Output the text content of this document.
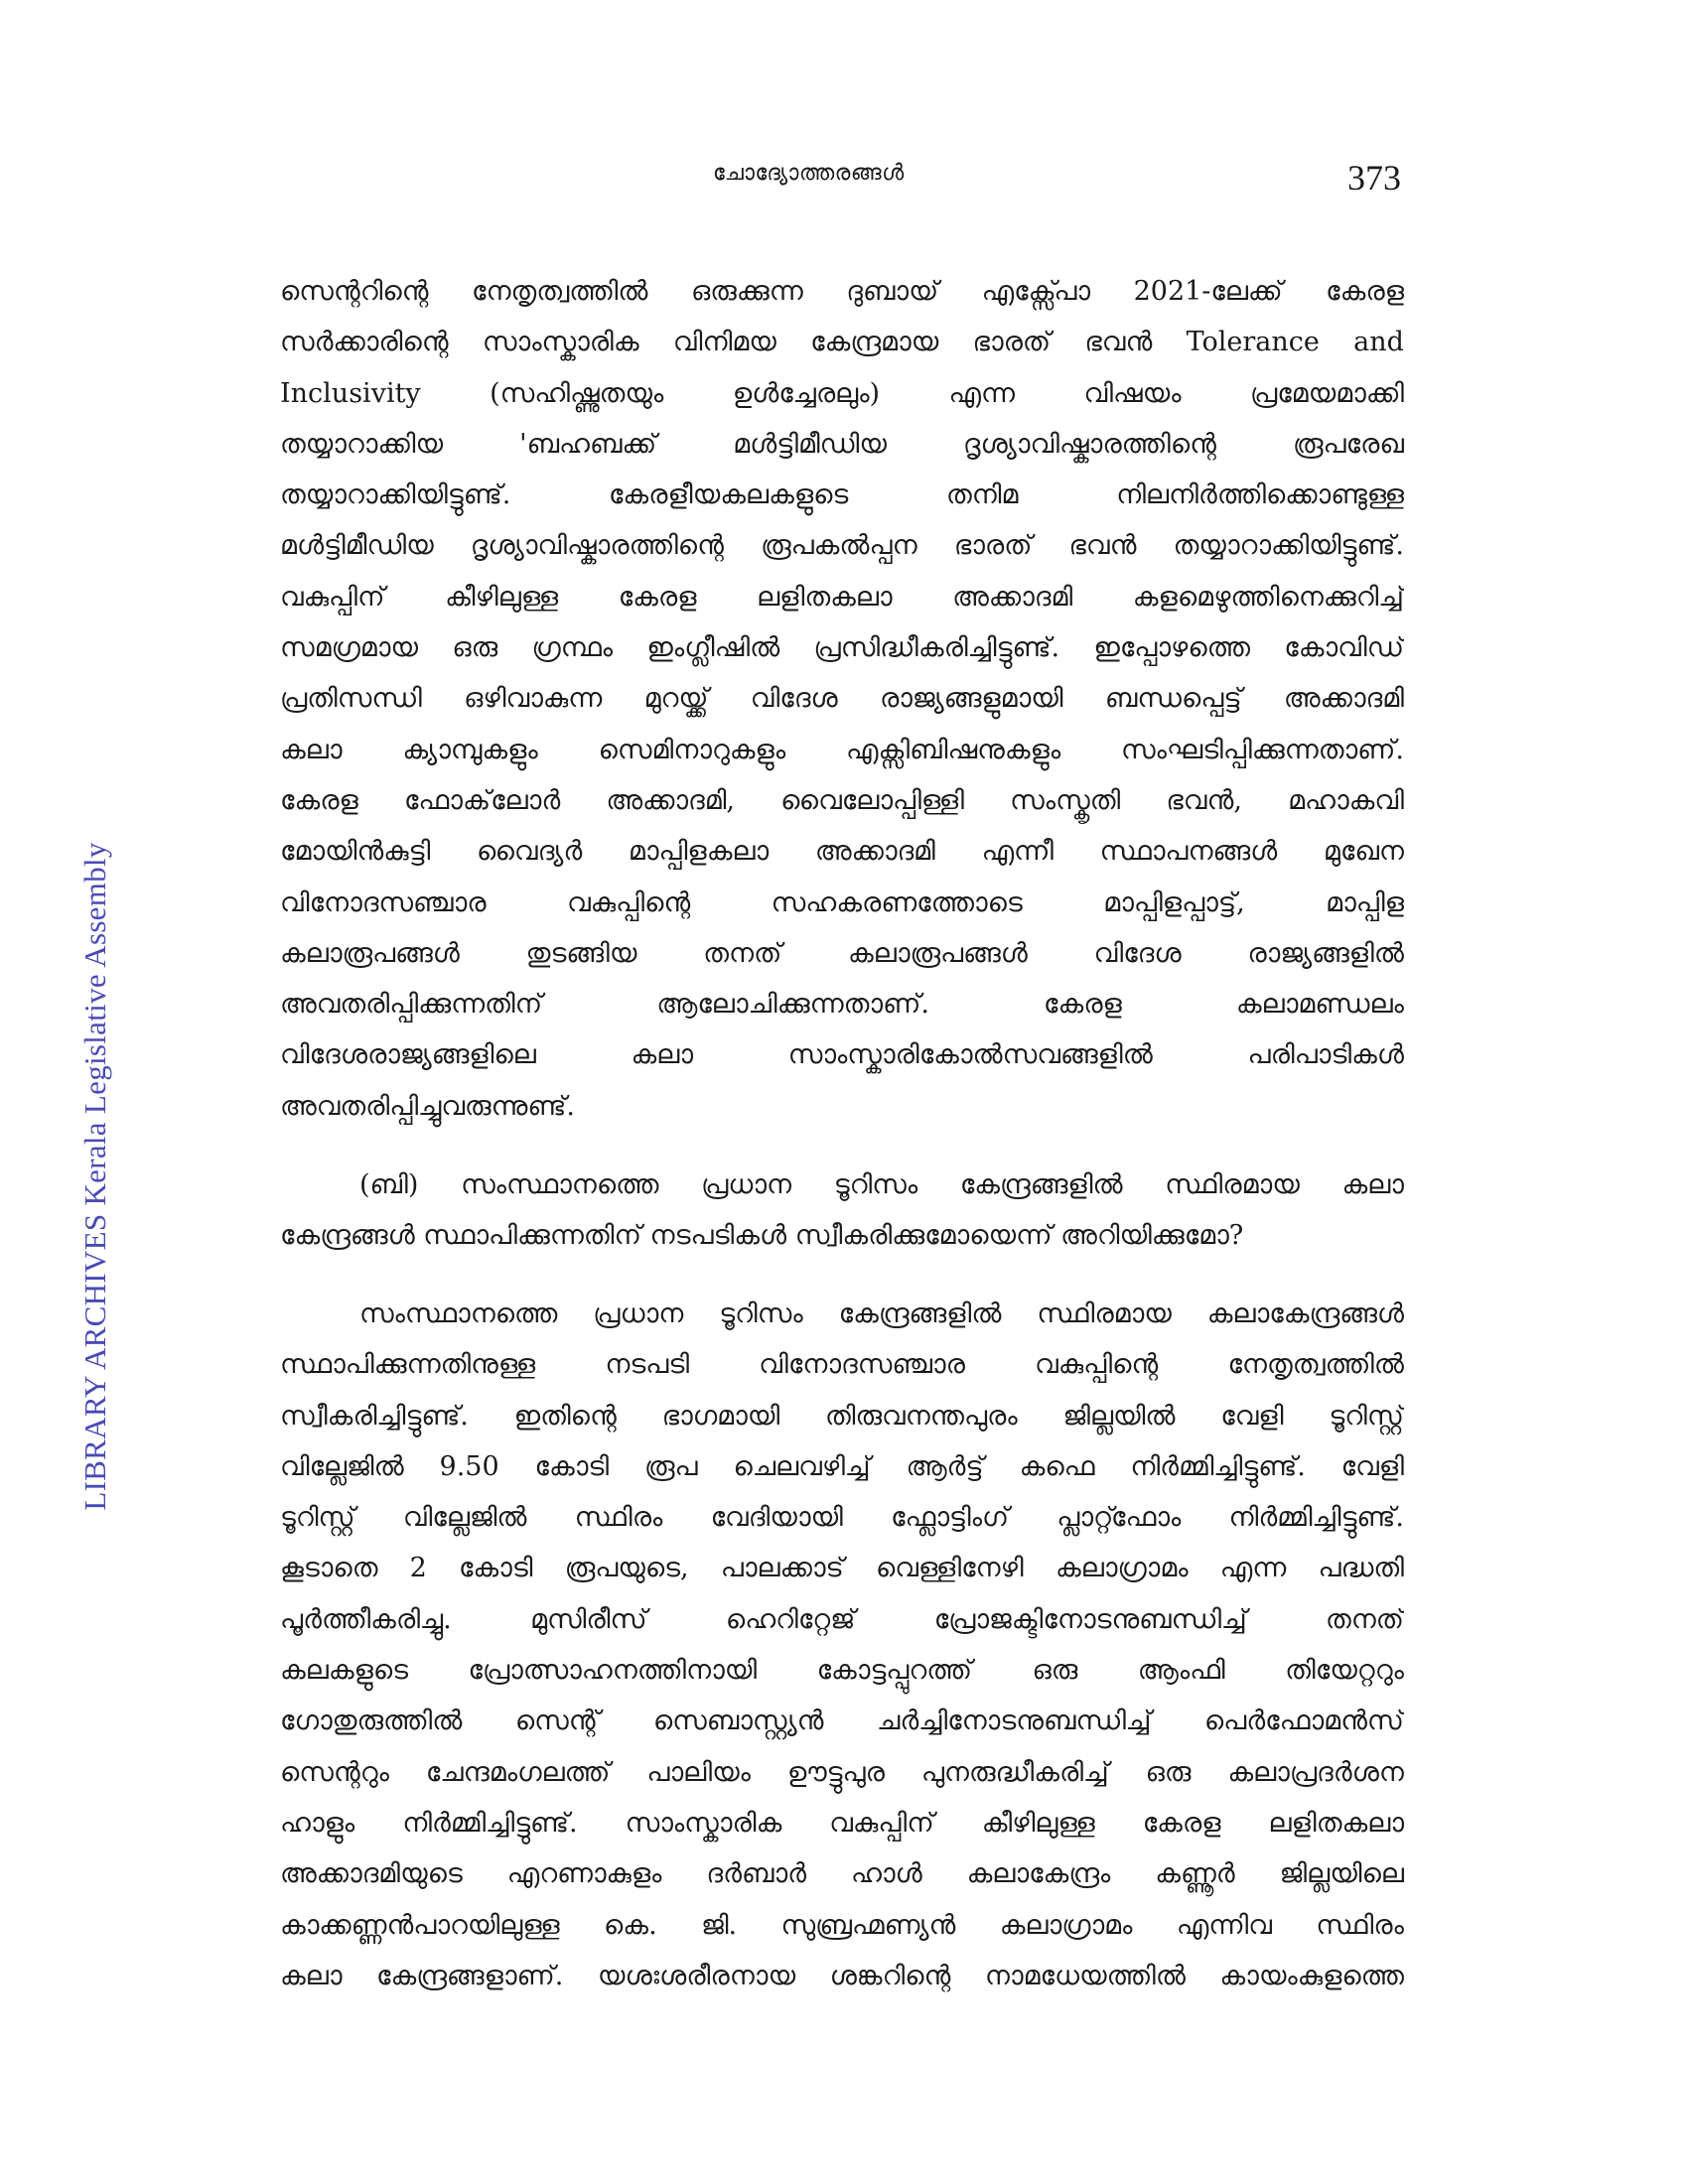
ചോദ്യോത്തരങ്ങൾ	373
LIBRARY ARCHIVES Kerala Legislative Assembly
സെന്ററിന്റെ നേതൃത്വത്തിൽ ഒരുക്കുന്ന ദുബായ് എക്സ്പോ 2021-ലേക്ക് കേരള
സർക്കാരിന്റെ സാംസ്കാരിക വിനിമയ കേന്ദ്രമായ ഭാരത് ഭവൻ Tolerance and
Inclusivity	(സഹിഷ്ണുതയും	ഉൾച്ചേരലും)	എന്ന	വിഷയം	പ്രമേയമാക്കി
തയ്യാറാക്കിയ	'ബഹബക്ക്	മൾട്ടിമീഡിയ	ദൃശ്യാവിഷ്കാരത്തിന്റെ	രൂപരേഖ
തയ്യാറാക്കിയിട്ടുണ്ട്.	കേരളീയകലകളുടെ	തനിമ	നിലനിർത്തിക്കൊണ്ടുള്ള
മൾട്ടിമീഡിയ ദൃശ്യാവിഷ്കാരത്തിന്റെ രൂപകൽപ്പന ഭാരത് ഭവൻ തയ്യാറാക്കിയിട്ടുണ്ട്.
വകുപ്പിന് കീഴിലുള്ള കേരള ലളിതകലാ അക്കാദമി കളമെഴുത്തിനെക്കുറിച്ച്
സമഗ്രമായ ഒരു ഗ്രന്ഥം ഇംഗ്ലീഷിൽ പ്രസിദ്ധീകരിച്ചിട്ടുണ്ട്. ഇപ്പോഴത്തെ കോവിഡ്
പ്രതിസന്ധി ഒഴിവാകുന്ന മുറയ്ക്ക് വിദേശ രാജ്യങ്ങളുമായി ബന്ധപ്പെട്ട് അക്കാദമി
കലാ ക്യാമ്പുകളും സെമിനാറുകളും എക്സിബിഷനുകളും സംഘടിപ്പിക്കുന്നതാണ്.
കേരള ഫോക്‌ലോർ അക്കാദമി, വൈലോപ്പിള്ളി സംസ്കൃതി ഭവൻ, മഹാകവി
മോയിൻകുട്ടി വൈദ്യർ മാപ്പിളകലാ അക്കാദമി എന്നീ സ്ഥാപനങ്ങൾ മുഖേന
വിനോദസഞ്ചാര	വകുപ്പിന്റെ	സഹകരണത്തോടെ	മാപ്പിളപ്പാട്ട്,	മാപ്പിള
കലാരൂപങ്ങൾ തുടങ്ങിയ തനത് കലാരൂപങ്ങൾ വിദേശ രാജ്യങ്ങളിൽ
അവതരിപ്പിക്കുന്നതിന്	ആലോചിക്കുന്നതാണ്.	കേരള	കലാമണ്ഡലം
വിദേശരാജ്യങ്ങളിലെ	കലാ	സാംസ്കാരികോൽസവങ്ങളിൽ	പരിപാടികൾ
അവതരിപ്പിച്ചുവരുന്നുണ്ട്.
(ബി) സംസ്ഥാനത്തെ പ്രധാന ടൂറിസം കേന്ദ്രങ്ങളിൽ സ്ഥിരമായ കലാ
കേന്ദ്രങ്ങൾ സ്ഥാപിക്കുന്നതിന് നടപടികൾ സ്വീകരിക്കുമോയെന്ന് അറിയിക്കുമോ?
സംസ്ഥാനത്തെ പ്രധാന ടൂറിസം കേന്ദ്രങ്ങളിൽ സ്ഥിരമായ കലാകേന്ദ്രങ്ങൾ
സ്ഥാപിക്കുന്നതിനുള്ള	നടപടി	വിനോദസഞ്ചാര	വകുപ്പിന്റെ	നേതൃത്വത്തിൽ
സ്വീകരിച്ചിട്ടുണ്ട്. ഇതിന്റെ ഭാഗമായി തിരുവനന്തപുരം ജില്ലയിൽ വേളി ടൂറിസ്റ്റ്
വില്ലേജിൽ 9.50 കോടി രൂപ ചെലവഴിച്ച് ആർട്ട് കഫെ നിർമ്മിച്ചിട്ടുണ്ട്. വേളി
ടൂറിസ്റ്റ് വില്ലേജിൽ സ്ഥിരം വേദിയായി ഫ്ലോട്ടിംഗ് പ്ലാറ്റ്ഫോം നിർമ്മിച്ചിട്ടുണ്ട്.
കൂടാതെ 2 കോടി രൂപയുടെ, പാലക്കാട് വെള്ളിനേഴി കലാഗ്രാമം എന്ന പദ്ധതി
പൂർത്തീകരിച്ചു.	മുസിരീസ്	ഹെറിറ്റേജ്	പ്രോജക്ടിനോടനുബന്ധിച്ച്	തനത്
കലകളുടെ പ്രോത്സാഹനത്തിനായി കോട്ടപ്പുറത്ത് ഒരു ആംഫി തിയേറ്ററും
ഗോതുരുത്തിൽ സെന്റ് സെബാസ്റ്റ്യൻ ചർച്ചിനോടനുബന്ധിച്ച് പെർഫോമൻസ്
സെന്ററും ചേന്ദമംഗലത്ത് പാലിയം ഊട്ടുപുര പുനരുദ്ധീകരിച്ച് ഒരു കലാപ്രദർശന
ഹാളും നിർമ്മിച്ചിട്ടുണ്ട്. സാംസ്കാരിക വകുപ്പിന് കീഴിലുള്ള കേരള ലളിതകലാ
അക്കാദമിയുടെ എറണാകുളം ദർബാർ ഹാൾ കലാകേന്ദ്രം കണ്ണൂർ ജില്ലയിലെ
കാക്കണ്ണൻപാറയിലുള്ള കെ. ജി. സുബ്രഹ്മണ്യൻ കലാഗ്രാമം എന്നിവ സ്ഥിരം
കലാ കേന്ദ്രങ്ങളാണ്. യശഃശരീരനായ ശങ്കറിന്റെ നാമധേയത്തിൽ കായംകുളത്തെ
